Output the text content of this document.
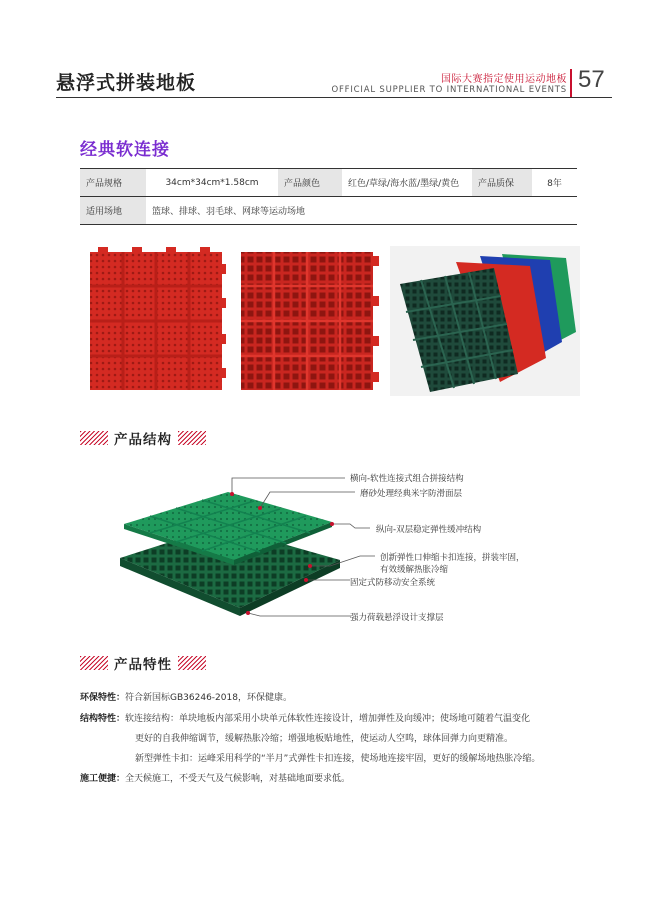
悬浮式拼装地板	国际大赛指定使用运动地板
OFFICIAL SUPPLIER TO INTERNATIONAL EVENTS 57
经典软连接
产品规格	34cm*34cm*1.58cm	产品颜色	红色/草绿/海水蓝/墨绿/黄色	产品质保	8年
适用场地	篮球、排球、羽毛球、网球等运动场地				
产品结构
横向-软性连接式组合拼接结构
磨砂处理经典米字防滑面层
纵向-双层稳定弹性缓冲结构
创新弹性口伸缩卡扣连接，拼装牢固，
有效缓解热胀冷缩
固定式防移动安全系统
强力荷载悬浮设计支撑层
产品特性
环保特性：符合新国标GB36246-2018，环保健康。
结构特性：软连接结构：单块地板内部采用小块单元体软性连接设计，增加弹性及向缓冲；使场地可随着气温变化
更好的自我伸缩调节，缓解热胀冷缩；增强地板贴地性，使运动人空鸣，球体回弹力向更精准。
新型弹性卡扣：运峰采用科学的“半月”式弹性卡扣连接，使场地连接牢固，更好的缓解场地热胀冷缩。
施工便捷：全天候施工，不受天气及气候影响，对基础地面要求低。
